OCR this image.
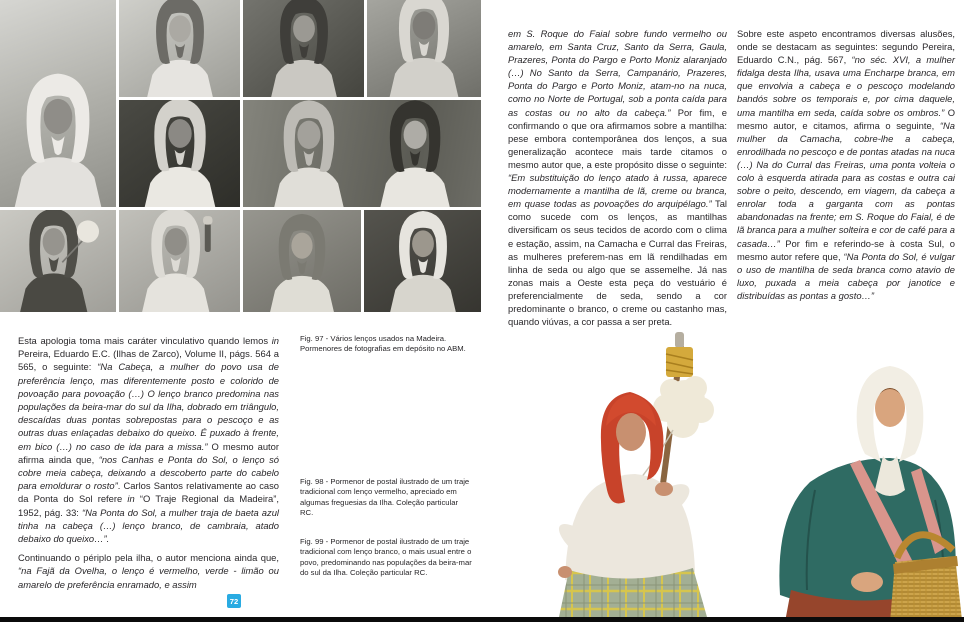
Esta apologia toma mais caráter vinculativo quando lemos in Pereira, Eduardo E.C. (Ilhas de Zarco), Volume II, págs. 564 a 565, o seguinte: “Na Cabeça, a mulher do povo usa de preferência lenço, mas diferentemente posto e colorido de povoação para povoação (…) O lenço branco predomina nas populações da beira-mar do sul da Ilha, dobrado em triângulo, descaídas duas pontas sobrepostas para o pescoço e as outras duas enlaçadas debaixo do queixo. É puxado à frente, em bico (…) no caso de ida para a missa.” O mesmo autor afirma ainda que, “nos Canhas e Ponta do Sol, o lenço só cobre meia cabeça, deixando a descoberto parte do cabelo para emoldurar o rosto”. Carlos Santos relativamente ao caso da Ponta do Sol refere in “O Traje Regional da Madeira”, 1952, pág. 33: “Na Ponta do Sol, a mulher traja de baeta azul tinha na cabeça (…) lenço branco, de cambraia, atado debaixo do queixo…”.

Continuando o périplo pela ilha, o autor menciona ainda que, “na Fajã da Ovelha, o lenço é vermelho, verde - limão ou amarelo de preferência enramado, e assim

Fig. 97 - Vários lenços usados na Madeira. Pormenores de fotografias em depósito no ABM.
Fig. 98 - Pormenor de postal ilustrado de um traje tradicional com lenço vermelho, apreciado em algumas freguesias da Ilha. Coleção particular RC.
Fig. 99 - Pormenor de postal ilustrado de um traje tradicional com lenço branco, o mais usual entre o povo, predominando nas populações da beira-mar do sul da Ilha. Coleção particular RC.
72
em S. Roque do Faial sobre fundo vermelho ou amarelo, em Santa Cruz, Santo da Serra, Gaula, Prazeres, Ponta do Pargo e Porto Moniz alaranjado (…) No Santo da Serra, Campanário, Prazeres, Ponta do Pargo e Porto Moniz, atam-no na nuca, como no Norte de Portugal, sob a ponta caída para as costas ou no alto da cabeça.” Por fim, e confirmando o que ora afirmamos sobre a mantilha: pese embora contemporânea dos lenços, a sua generalização acontece mais tarde citamos o mesmo autor que, a este propósito disse o seguinte: “Em substituição do lenço atado à russa, aparece modernamente a mantilha de lã, creme ou branca, em quase todas as povoações do arquipélago.” Tal como sucede com os lenços, as mantilhas diversificam os seus tecidos de acordo com o clima e estação, assim, na Camacha e Curral das Freiras, as mulheres preferem-nas em lã rendilhadas em linha de seda ou algo que se assemelhe. Já nas zonas mais a Oeste esta peça do vestuário é preferencialmente de seda, sendo a cor predominante o branco, o creme ou castanho mas, quando viúvas, a cor passa a ser preta.
Sobre este aspeto encontramos diversas alusões, onde se destacam as seguintes: segundo Pereira, Eduardo C.N., pág. 567, “no séc. XVI, a mulher fidalga desta Ilha, usava uma Encharpe branca, em que envolvia a cabeça e o pescoço modelando bandós sobre os temporais e, por cima daquele, uma mantilha em seda, caída sobre os ombros.” O mesmo autor, e citamos, afirma o seguinte, “Na mulher da Camacha, cobre-lhe a cabeça, enrodilhada no pescoço e de pontas atadas na nuca (…) Na do Curral das Freiras, uma ponta volteia o colo à esquerda atirada para as costas e outra cai sobre o peito, descendo, em viagem, da cabeça a enrolar toda a garganta com as pontas abandonadas na frente; em S. Roque do Faial, é de lã branca para a mulher solteira e cor de café para a casada…” Por fim e referindo-se à costa Sul, o mesmo autor refere que, “Na Ponta do Sol, é vulgar o uso de mantilha de seda branca como atavio de luxo, puxada a meia cabeça por janotice e distribuídas as pontas a gosto…”
